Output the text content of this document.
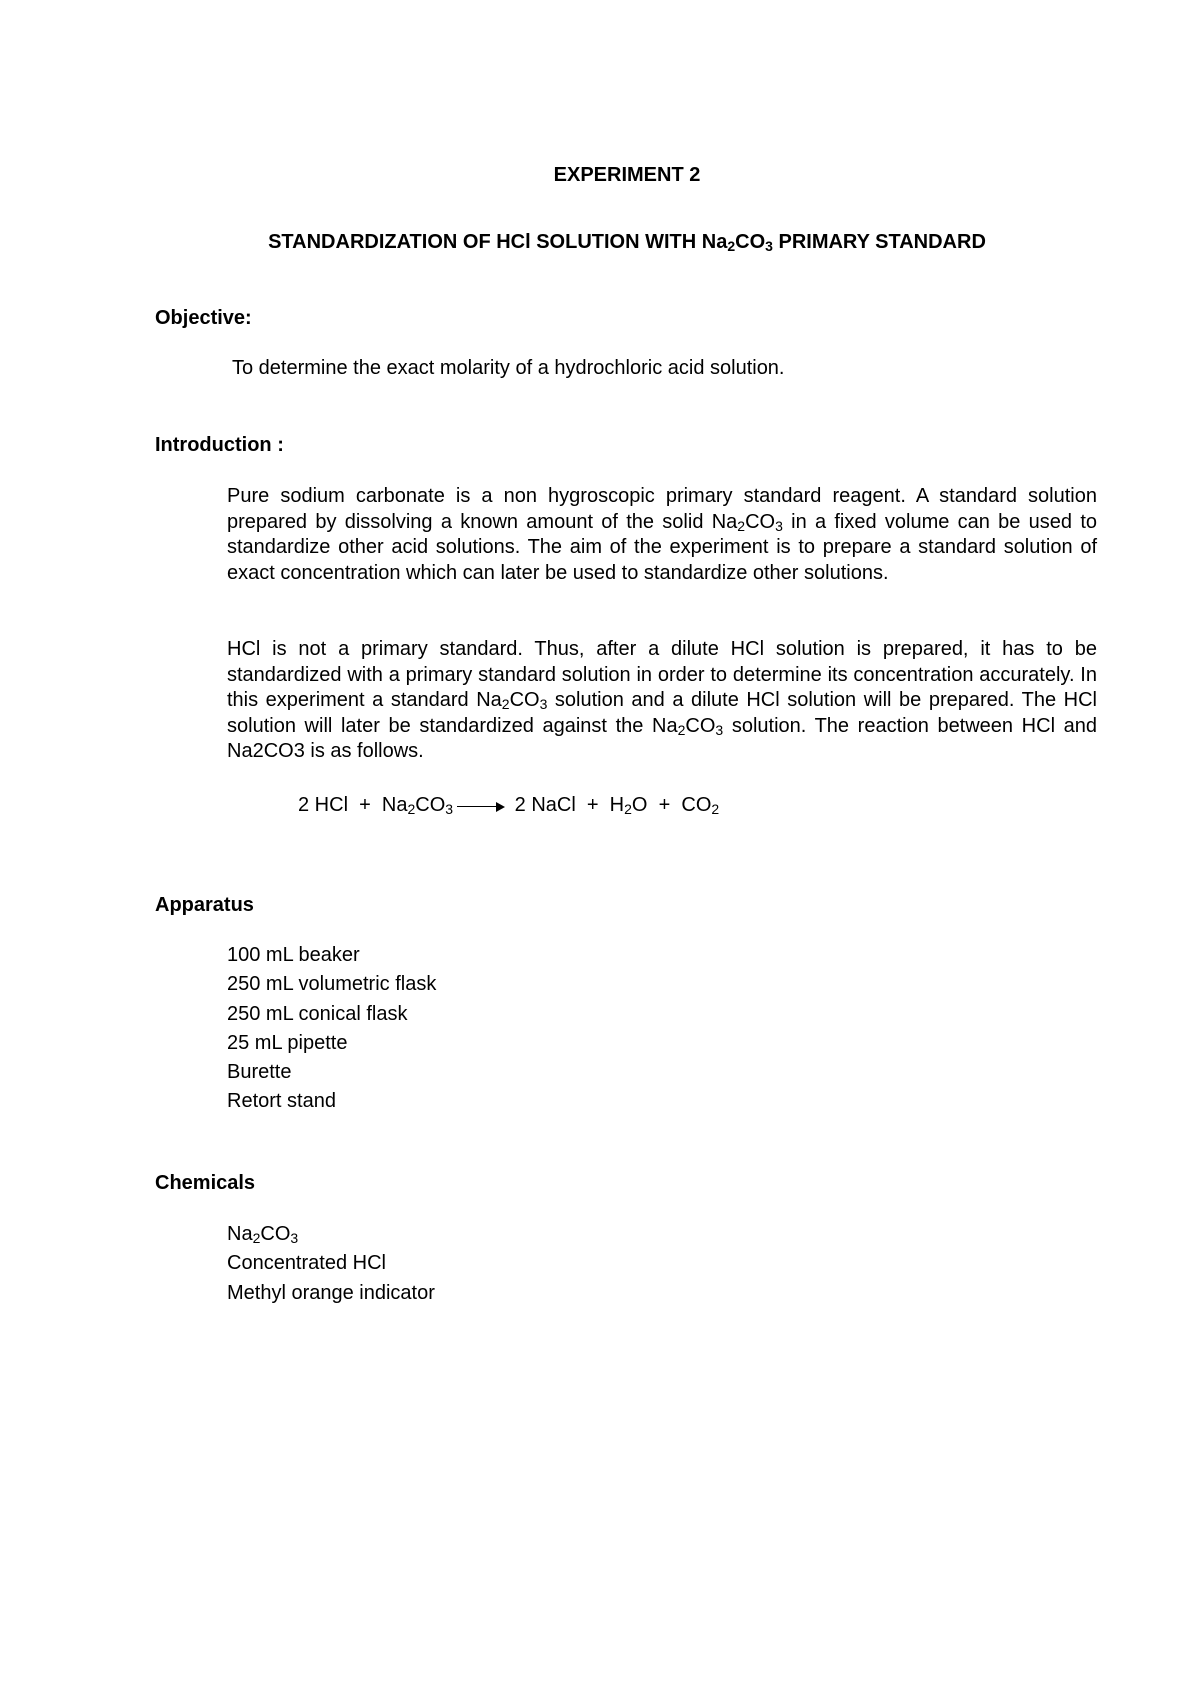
EXPERIMENT 2
STANDARDIZATION OF HCl SOLUTION WITH $Na_2CO_3$ PRIMARY STANDARD
Objective:
To determine the exact molarity of a hydrochloric acid solution.
Introduction :
Pure sodium carbonate is a non hygroscopic primary standard reagent. A standard solution prepared by dissolving a known amount of the solid $Na_2CO_3$ in a fixed volume can be used to standardize other acid solutions. The aim of the experiment is to prepare a standard solution of exact concentration which can later be used to standardize other solutions.
HCl is not a primary standard. Thus, after a dilute HCl solution is prepared, it has to be standardized with a primary standard solution in order to determine its concentration accurately. In this experiment a standard $Na_2CO_3$ solution and a dilute HCl solution will be prepared. The HCl solution will later be standardized against the $Na_2CO_3$ solution. The reaction between HCl and Na2CO3 is as follows.
2 HCl  +  $Na_2CO_3$	2 NaCl  +  $H_2O + CO_2$
Apparatus
100 mL beaker
250 mL volumetric flask
250 mL conical flask
25 mL pipette
Burette
Retort stand
Chemicals
$Na_2CO_3$
Concentrated HCl
Methyl orange indicator
